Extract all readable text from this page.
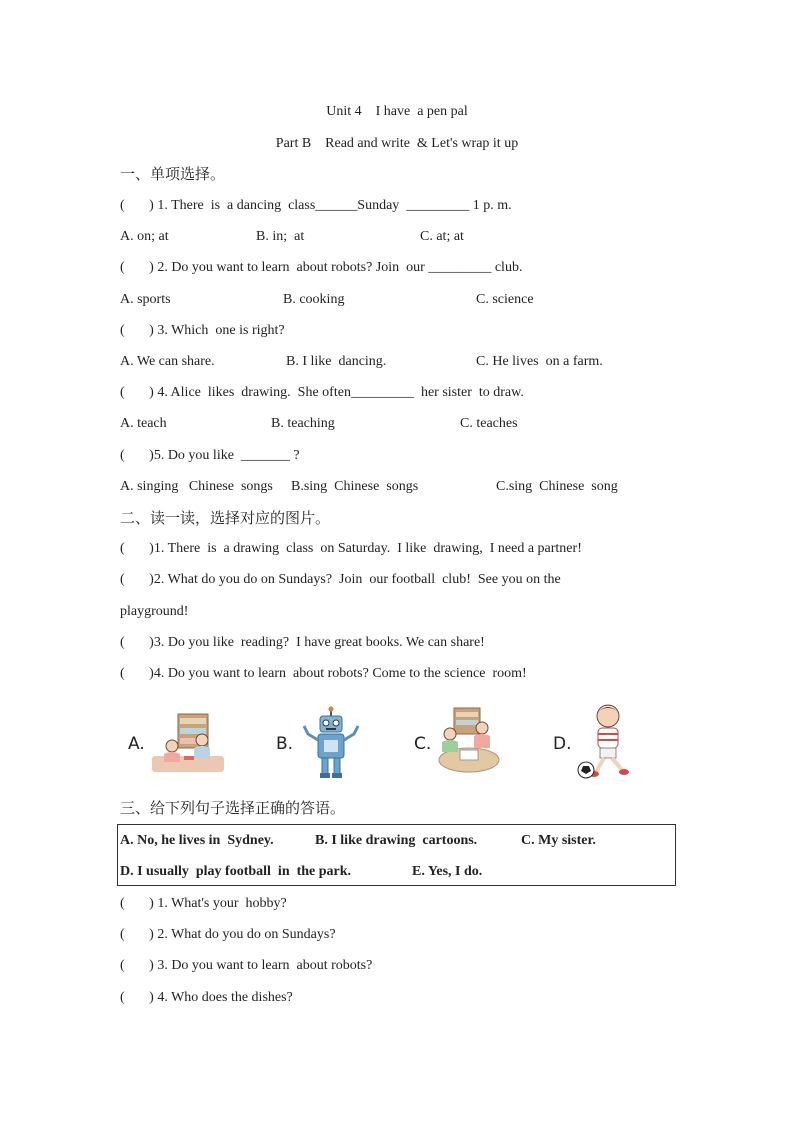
Unit 4    I have  a pen pal
Part B    Read and write  & Let's wrap it up
一、单项选择。
(       ) 1. There  is  a dancing  class______Sunday  _________ 1 p. m.
A. on; at	B. in;  at	C. at; at
(       ) 2. Do you want to learn  about robots? Join  our _________ club.
A. sports	B. cooking	C. science
(       ) 3. Which  one is right?
A. We can share.	B. I like  dancing.	C. He lives  on a farm.
(       ) 4. Alice  likes  drawing.  She often_________  her sister  to draw.
A. teach	B. teaching	C. teaches
(       )5. Do you like  _______ ?
A. singing   Chinese  songs B.sing  Chinese  songs	C.sing  Chinese  song
二、读一读，选择对应的图片。
(       )1. There  is  a drawing  class  on Saturday.  I like  drawing,  I need a partner!
(       )2. What do you do on Sundays?  Join  our football  club!  See you on the
playground!
(       )3. Do you like  reading?  I have great books. We can share!
(       )4. Do you want to learn  about robots? Come to the science  room!
A.	B.	C.	D.
三、给下列句子选择正确的答语。
A. No, he lives in  Sydney.	B. I like drawing  cartoons.	C. My sister.
D. I usually  play football  in  the park.	E. Yes, I do.
(       ) 1. What's your  hobby?
(       ) 2. What do you do on Sundays?
(       ) 3. Do you want to learn  about robots?
(       ) 4. Who does the dishes?
